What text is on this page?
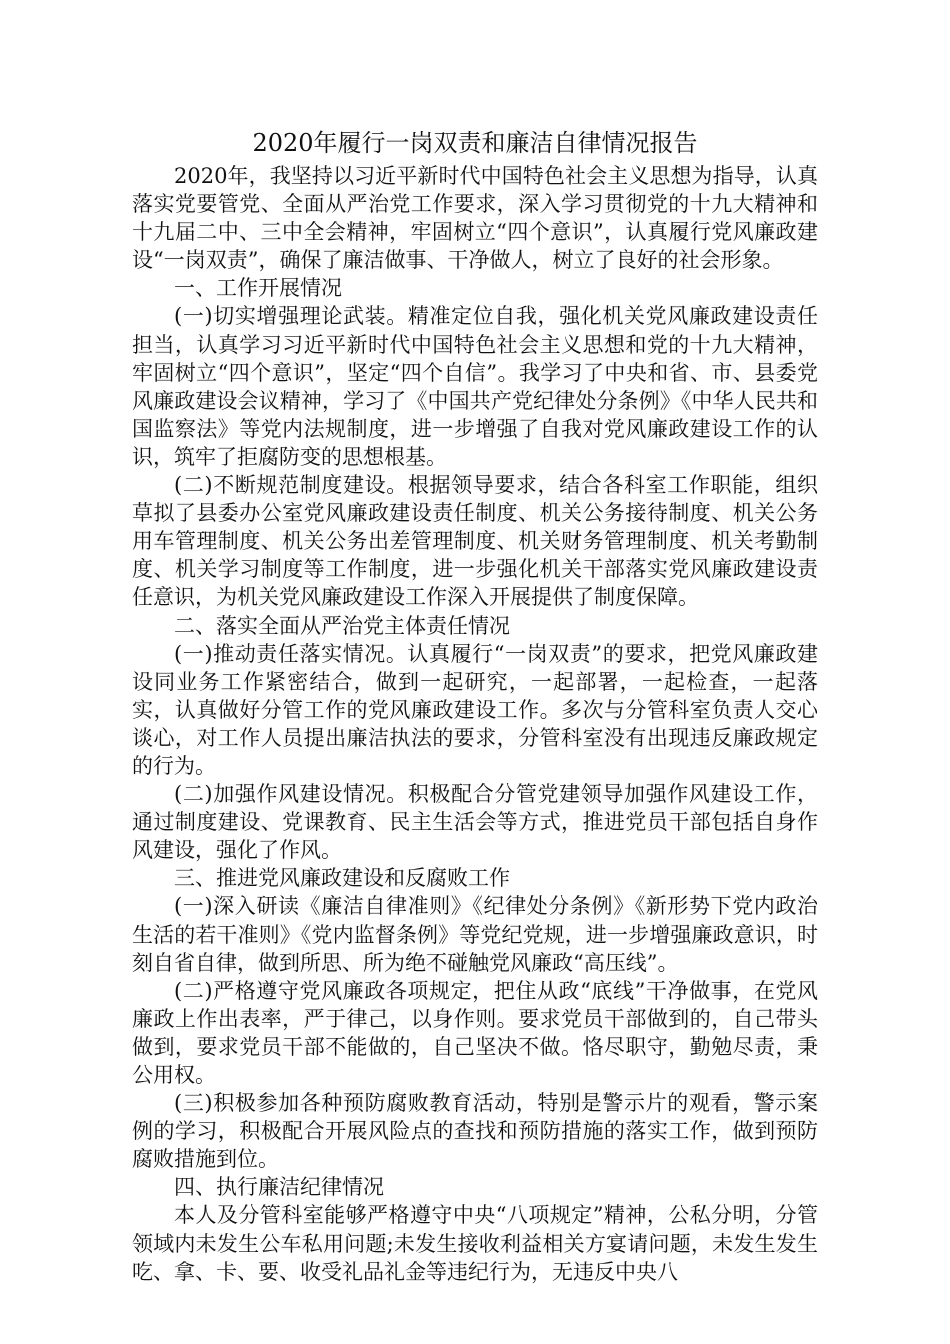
2020年履行一岗双责和廉洁自律情况报告

2020年，我坚持以习近平新时代中国特色社会主义思想为指导，认真落实党要管党、全面从严治党工作要求，深入学习贯彻党的十九大精神和十九届二中、三中全会精神，牢固树立“四个意识”，认真履行党风廉政建设“一岗双责”，确保了廉洁做事、干净做人，树立了良好的社会形象。

一、工作开展情况

(一)切实增强理论武装。精准定位自我，强化机关党风廉政建设责任担当，认真学习习近平新时代中国特色社会主义思想和党的十九大精神，牢固树立“四个意识”，坚定“四个自信”。我学习了中央和省、市、县委党风廉政建设会议精神，学习了《中国共产党纪律处分条例》《中华人民共和国监察法》等党内法规制度，进一步增强了自我对党风廉政建设工作的认识，筑牢了拒腐防变的思想根基。

(二)不断规范制度建设。根据领导要求，结合各科室工作职能，组织草拟了县委办公室党风廉政建设责任制度、机关公务接待制度、机关公务用车管理制度、机关公务出差管理制度、机关财务管理制度、机关考勤制度、机关学习制度等工作制度，进一步强化机关干部落实党风廉政建设责任意识，为机关党风廉政建设工作深入开展提供了制度保障。

二、落实全面从严治党主体责任情况

(一)推动责任落实情况。认真履行“一岗双责”的要求，把党风廉政建设同业务工作紧密结合，做到一起研究，一起部署，一起检查，一起落实，认真做好分管工作的党风廉政建设工作。多次与分管科室负责人交心谈心，对工作人员提出廉洁执法的要求，分管科室没有出现违反廉政规定的行为。

(二)加强作风建设情况。积极配合分管党建领导加强作风建设工作，通过制度建设、党课教育、民主生活会等方式，推进党员干部包括自身作风建设，强化了作风。

三、推进党风廉政建设和反腐败工作

(一)深入研读《廉洁自律准则》《纪律处分条例》《新形势下党内政治生活的若干准则》《党内监督条例》等党纪党规，进一步增强廉政意识，时刻自省自律，做到所思、所为绝不碰触党风廉政“高压线”。

(二)严格遵守党风廉政各项规定，把住从政“底线”干净做事，在党风廉政上作出表率，严于律己，以身作则。要求党员干部做到的，自己带头做到，要求党员干部不能做的，自己坚决不做。恪尽职守，勤勉尽责，秉公用权。

(三)积极参加各种预防腐败教育活动，特别是警示片的观看，警示案例的学习，积极配合开展风险点的查找和预防措施的落实工作，做到预防腐败措施到位。

四、执行廉洁纪律情况

本人及分管科室能够严格遵守中央“八项规定”精神，公私分明，分管领域内未发生公车私用问题;未发生接收利益相关方宴请问题，未发生发生吃、拿、卡、要、收受礼品礼金等违纪行为，无违反中央八
